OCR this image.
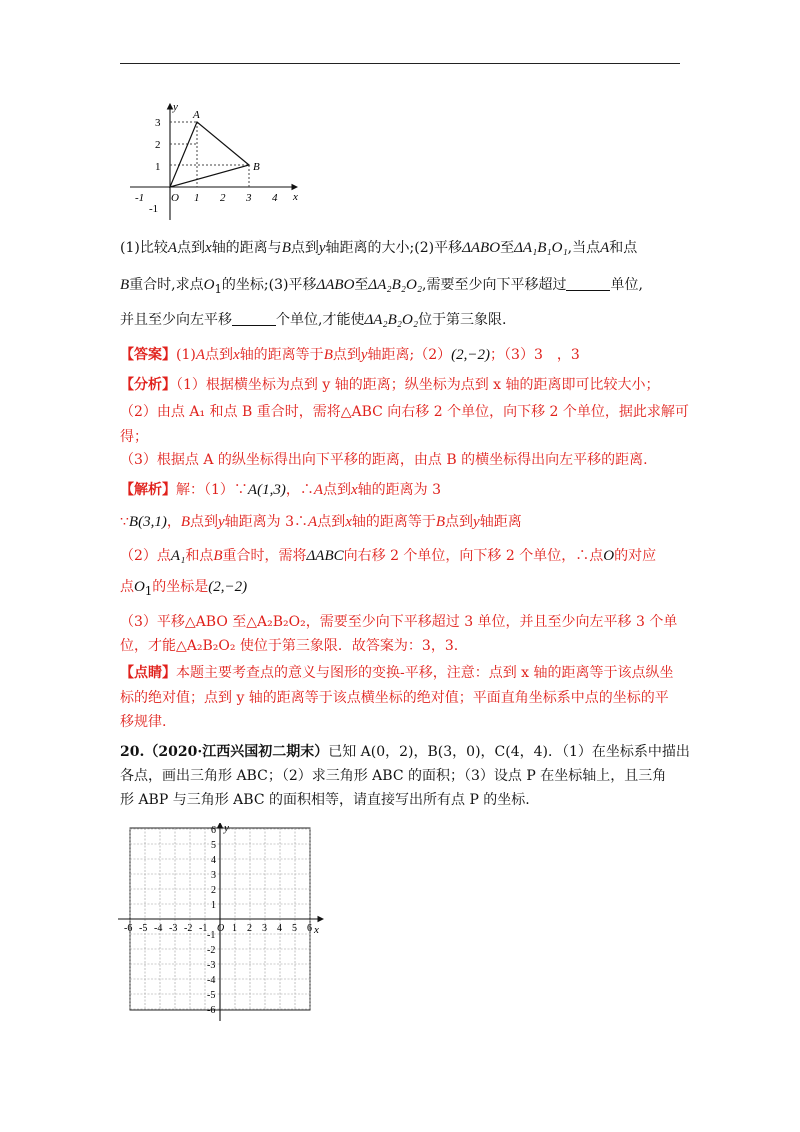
-1 O 1 2 3 4 x
3
2
1
-1
y
A
B
(1)比较A点到x轴的距离与B点到y轴距离的大小;(2)平移ΔABO至ΔA₁B₁O₁,当点A和点
B重合时,求点$O_1$的坐标;(3)平移ΔABO至ΔA₂B₂O₂,需要至少向下平移超过	单位,
并且至少向左平移	个单位,才能使ΔA₂B₂O₂位于第三象限.
【答案】(1)A点到x轴的距离等于B点到y轴距离;（2）(2,−2)；（3）3　，3
【分析】（1）根据横坐标为点到 y 轴的距离；纵坐标为点到 x 轴的距离即可比较大小；
（2）由点 A₁ 和点 B 重合时，需将△ABC 向右移 2 个单位，向下移 2 个单位，据此求解可
得；
（3）根据点 A 的纵坐标得出向下平移的距离，由点 B 的横坐标得出向左平移的距离.
【解析】解：（1）∵A(1,3)，∴A点到x轴的距离为 3
∵B(3,1)，B点到y轴距离为 3∴A点到x轴的距离等于B点到y轴距离
（2）点A₁和点B重合时，需将ΔABC向右移 2 个单位，向下移 2 个单位，∴点O的对应
点$O_1$的坐标是(2,−2)
（3）平移△ABO 至△A₂B₂O₂，需要至少向下平移超过 3 单位，并且至少向左平移 3 个单
位，才能△A₂B₂O₂ 使位于第三象限．故答案为：3，3.
【点睛】本题主要考查点的意义与图形的变换-平移，注意：点到 x 轴的距离等于该点纵坐
标的绝对值；点到 y 轴的距离等于该点横坐标的绝对值；平面直角坐标系中点的坐标的平
移规律.
20.（2020·江西兴国初二期末）已知 A(0，2)，B(3，0)，C(4，4)．（1）在坐标系中描出
各点，画出三角形 ABC；（2）求三角形 ABC 的面积；（3）设点 P 在坐标轴上，且三角
形 ABP 与三角形 ABC 的面积相等，请直接写出所有点 P 的坐标.
-6 -5 -4 -3 -2 -1 O 1 2 3 4 5 6
6
5
4
3
2
1
-1
-2
-3
-4
-5
-6
x
y
